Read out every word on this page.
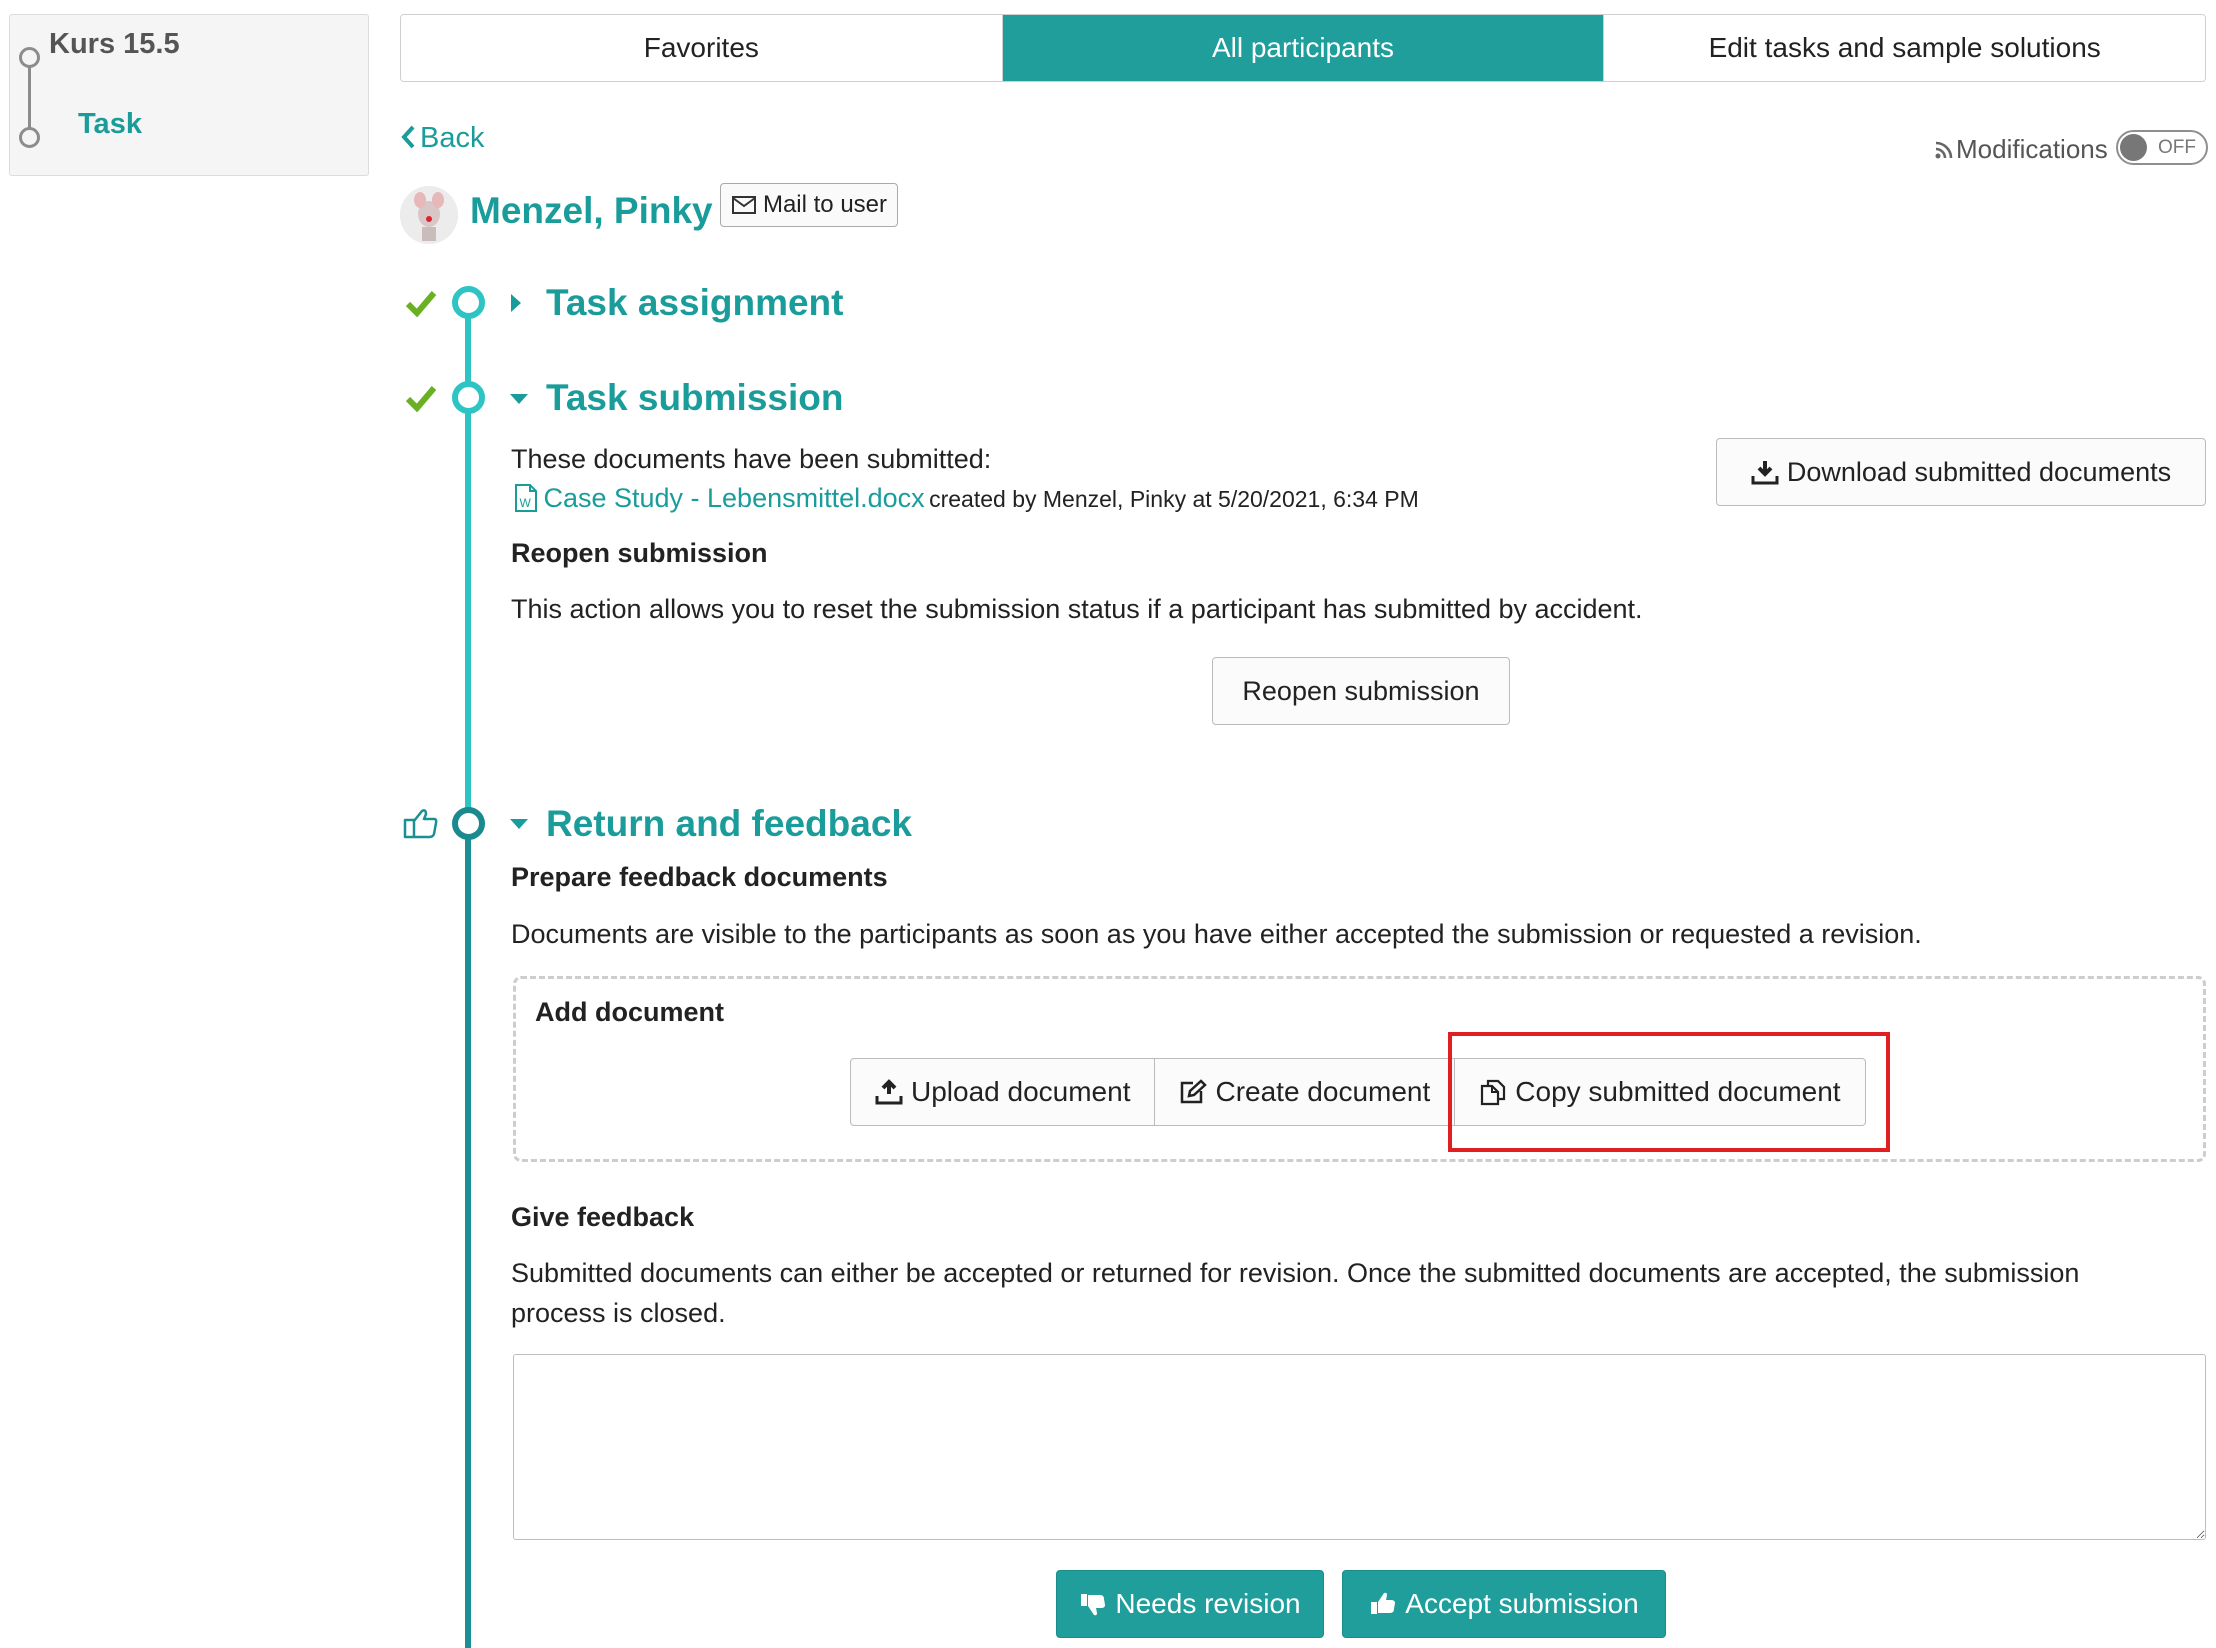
Kurs 15.5
Task
Favorites	All participants	Edit tasks and sample solutions
Back	Modifications	OFF
Menzel, Pinky Mail to user
Task assignment
Task submission
These documents have been submitted:
W Case Study - Lebensmittel.docx created by Menzel, Pinky at 5/20/2021, 6:34 PM
Download submitted documents
Reopen submission
This action allows you to reset the submission status if a participant has submitted by accident.
Reopen submission
Return and feedback
Prepare feedback documents
Documents are visible to the participants as soon as you have either accepted the submission or requested a revision.
Add document
Upload document	Create document	Copy submitted document
Give feedback
Submitted documents can either be accepted or returned for revision. Once the submitted documents are accepted, the submission
process is closed.
Needs revision	Accept submission
